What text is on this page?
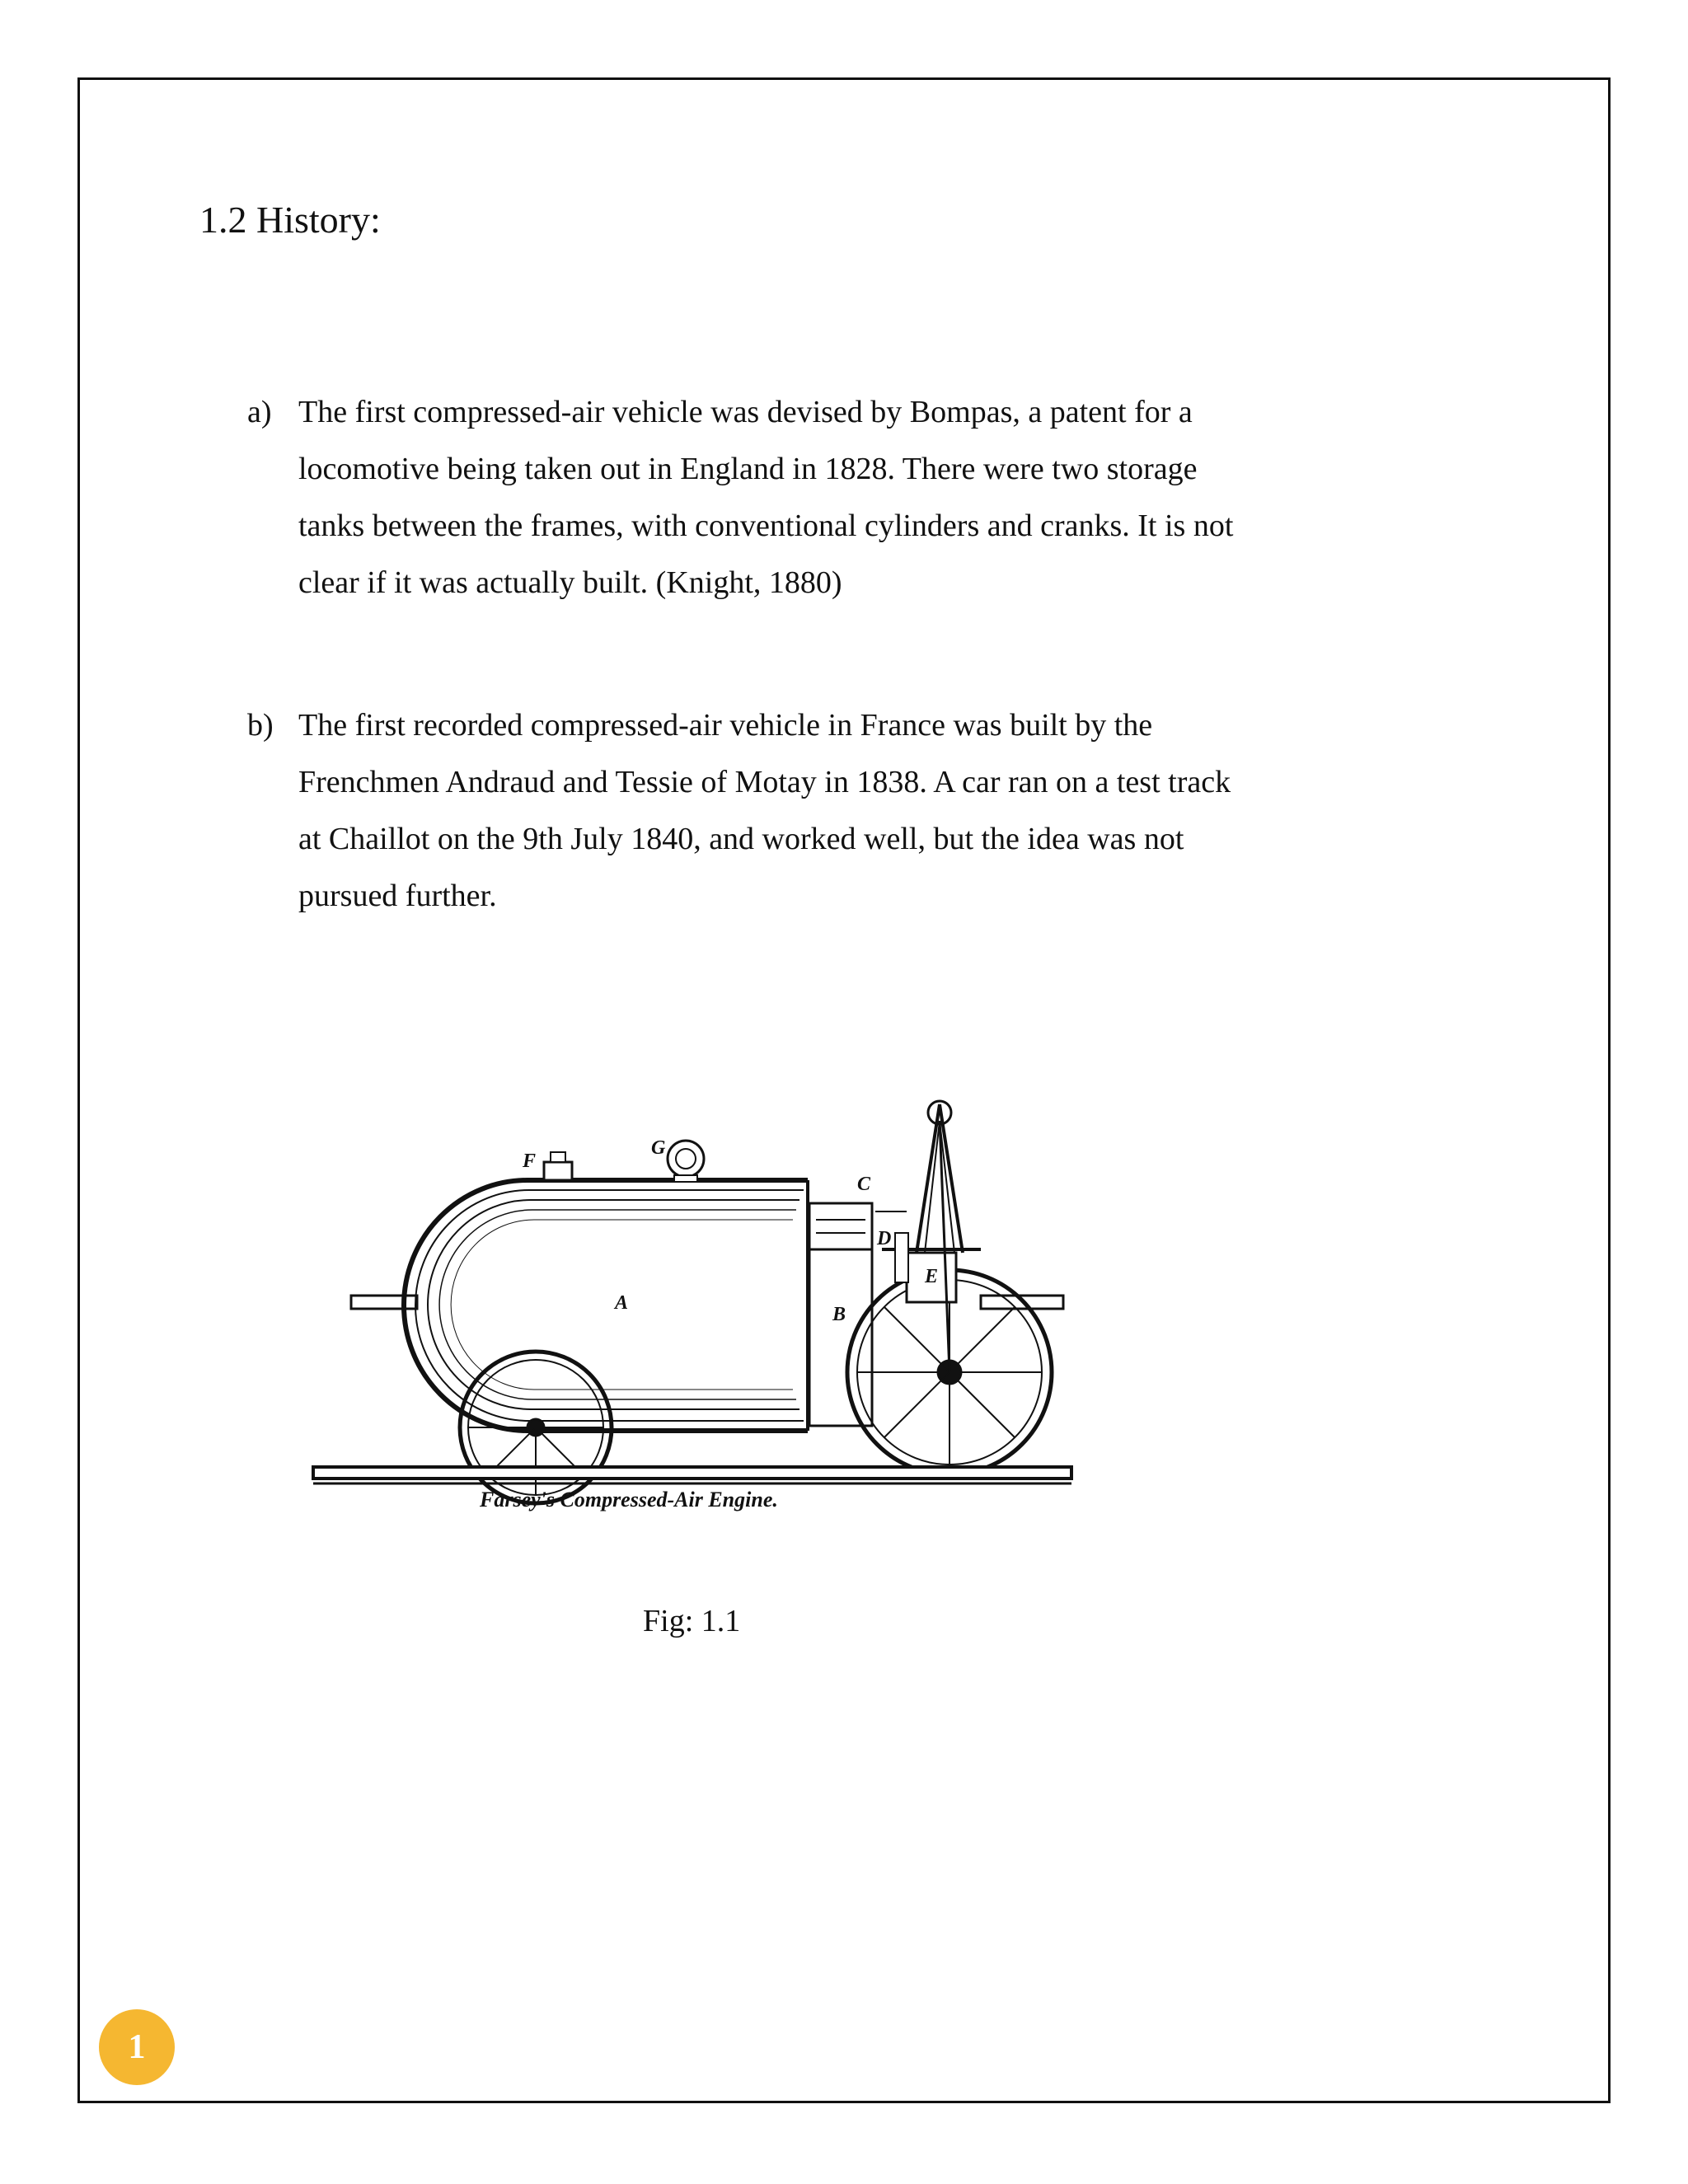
1.2 History:
a) The first compressed-air vehicle was devised by Bompas, a patent for a locomotive being taken out in England in 1828. There were two storage tanks between the frames, with conventional cylinders and cranks. It is not clear if it was actually built. (Knight, 1880)
b) The first recorded compressed-air vehicle in France was built by the Frenchmen Andraud and Tessie of Motay in 1838. A car ran on a test track at Chaillot on the 9th July 1840, and worked well, but the idea was not pursued further.
F
G
C
D
E
A
B
Farsey's Compressed-Air Engine.
Fig: 1.1
1
